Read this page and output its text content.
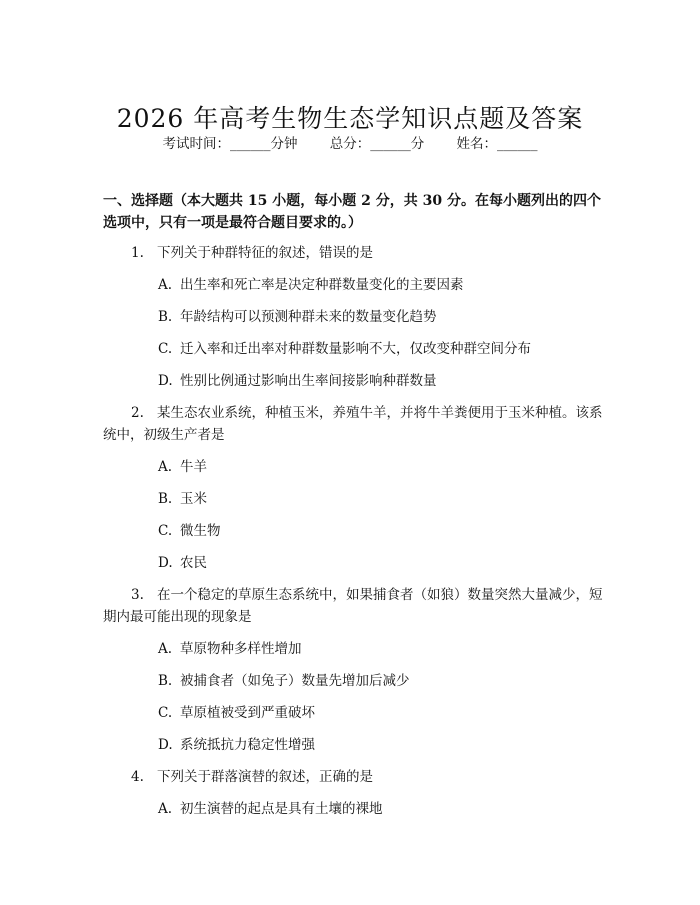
2026 年高考生物生态学知识点题及答案
考试时间：______分钟 总分：______分 姓名：______
一、选择题（本大题共 15 小题，每小题 2 分，共 30 分。在每小题列出的四个选项中，只有一项是最符合题目要求的。）
1. 下列关于种群特征的叙述，错误的是
A. 出生率和死亡率是决定种群数量变化的主要因素
B. 年龄结构可以预测种群未来的数量变化趋势
C. 迁入率和迁出率对种群数量影响不大，仅改变种群空间分布
D. 性别比例通过影响出生率间接影响种群数量
2. 某生态农业系统，种植玉米，养殖牛羊，并将牛羊粪便用于玉米种植。该系统中，初级生产者是
A. 牛羊
B. 玉米
C. 微生物
D. 农民
3. 在一个稳定的草原生态系统中，如果捕食者（如狼）数量突然大量减少，短期内最可能出现的现象是
A. 草原物种多样性增加
B. 被捕食者（如兔子）数量先增加后减少
C. 草原植被受到严重破坏
D. 系统抵抗力稳定性增强
4. 下列关于群落演替的叙述，正确的是
A. 初生演替的起点是具有土壤的裸地
